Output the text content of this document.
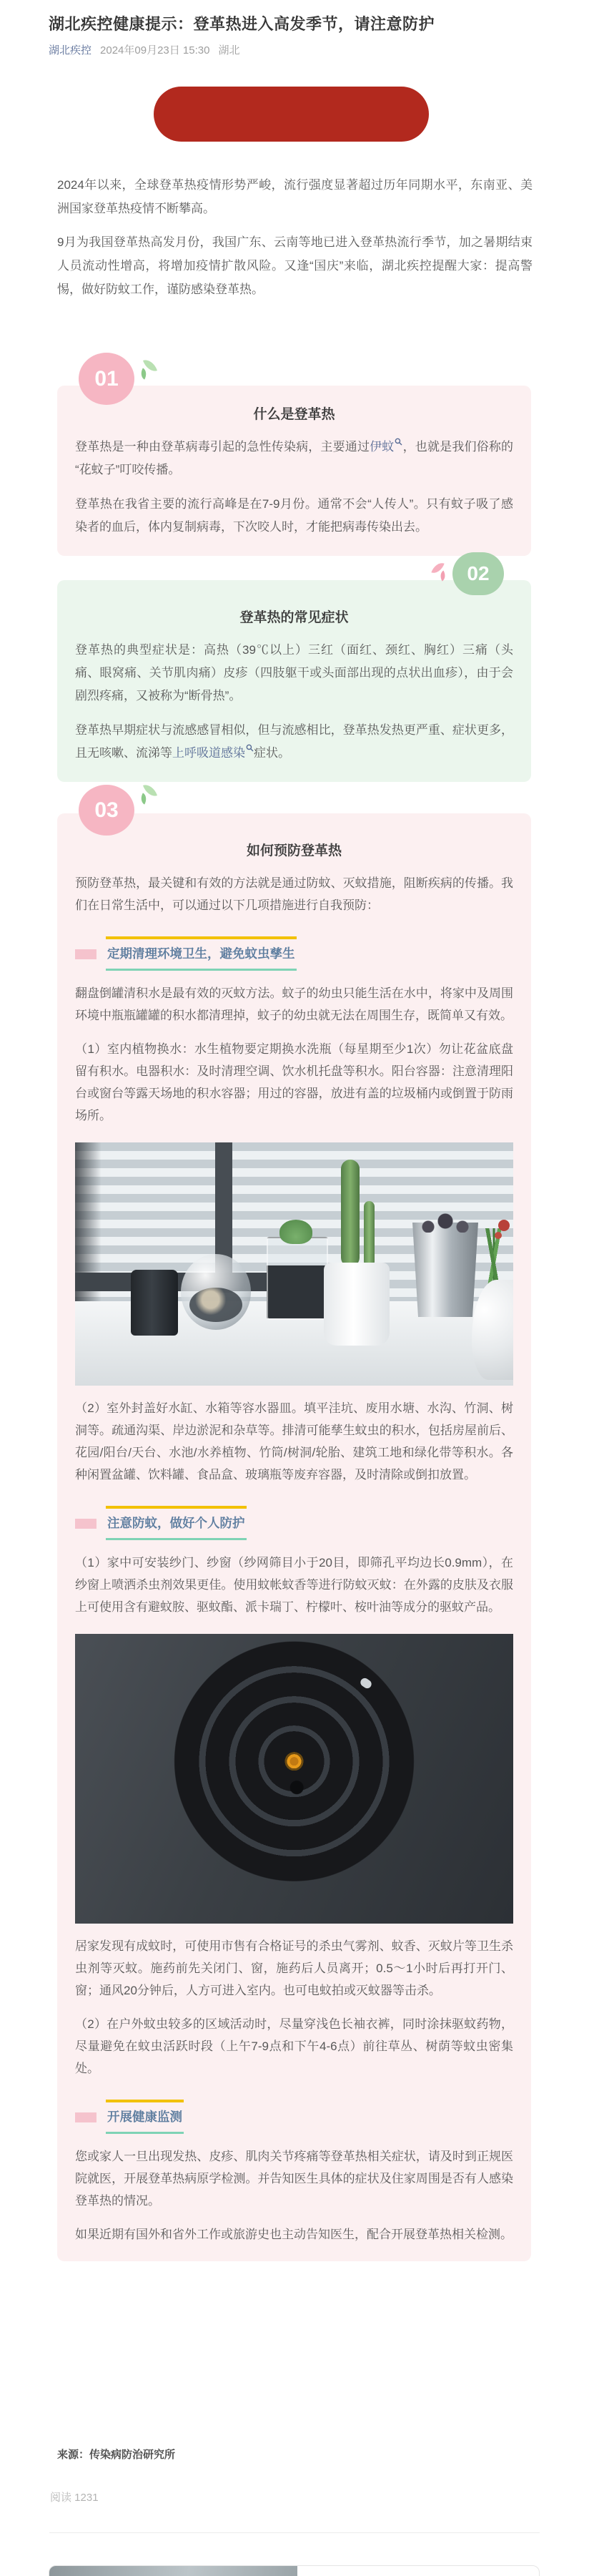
湖北疾控健康提示：登革热进入高发季节，请注意防护
湖北疾控 2024年09月23日 15:30 湖北

2024年以来，全球登革热疫情形势严峻，流行强度显著超过历年同期水平，东南亚、美洲国家登革热疫情不断攀高。

9月为我国登革热高发月份，我国广东、云南等地已进入登革热流行季节，加之暑期结束人员流动性增高，将增加疫情扩散风险。又逢“国庆”来临，湖北疾控提醒大家：提高警惕，做好防蚊工作，谨防感染登革热。

01
什么是登革热

登革热是一种由登革病毒引起的急性传染病，主要通过伊蚊 ，也就是我们俗称的“花蚊子”叮咬传播。

登革热在我省主要的流行高峰是在7-9月份。通常不会“人传人”。只有蚊子吸了感染者的血后，体内复制病毒，下次咬人时，才能把病毒传染出去。

02
登革热的常见症状

登革热的典型症状是：高热（39℃以上）三红（面红、颈红、胸红）三痛（头痛、眼窝痛、关节肌肉痛）皮疹（四肢躯干或头面部出现的点状出血疹），由于会剧烈疼痛，又被称为“断骨热”。

登革热早期症状与流感感冒相似，但与流感相比，登革热发热更严重、症状更多，且无咳嗽、流涕等上呼吸道感染 症状。

03
如何预防登革热

预防登革热，最关键和有效的方法就是通过防蚊、灭蚊措施，阻断疾病的传播。我们在日常生活中，可以通过以下几项措施进行自我预防：

定期清理环境卫生，避免蚊虫孳生

翻盘倒罐清积水是最有效的灭蚊方法。蚊子的幼虫只能生活在水中，将家中及周围环境中瓶瓶罐罐的积水都清理掉，蚊子的幼虫就无法在周围生存，既简单又有效。

（1）室内植物换水：水生植物要定期换水洗瓶（每星期至少1次）勿让花盆底盘留有积水。电器积水：及时清理空调、饮水机托盘等积水。阳台容器：注意清理阳台或窗台等露天场地的积水容器；用过的容器，放进有盖的垃圾桶内或倒置于防雨场所。

（2）室外封盖好水缸、水箱等容水器皿。填平洼坑、废用水塘、水沟、竹洞、树洞等。疏通沟渠、岸边淤泥和杂草等。排清可能孳生蚊虫的积水，包括房屋前后、花园/阳台/天台、水池/水养植物、竹筒/树洞/轮胎、建筑工地和绿化带等积水。各种闲置盆罐、饮料罐、食品盒、玻璃瓶等废弃容器，及时清除或倒扣放置。

注意防蚊，做好个人防护

（1）家中可安装纱门、纱窗（纱网筛目小于20目，即筛孔平均边长0.9mm），在纱窗上喷洒杀虫剂效果更佳。使用蚊帐蚊香等进行防蚊灭蚊：在外露的皮肤及衣服上可使用含有避蚊胺、驱蚊酯、派卡瑞丁、柠檬叶、桉叶油等成分的驱蚊产品。

居家发现有成蚊时，可使用市售有合格证号的杀虫气雾剂、蚊香、灭蚊片等卫生杀虫剂等灭蚊。施药前先关闭门、窗，施药后人员离开；0.5～1小时后再打开门、窗；通风20分钟后，人方可进入室内。也可电蚊拍或灭蚊器等击杀。

（2）在户外蚊虫较多的区域活动时，尽量穿浅色长袖衣裤，同时涂抹驱蚊药物，尽量避免在蚊虫活跃时段（上午7-9点和下午4-6点）前往草丛、树荫等蚊虫密集处。

开展健康监测

您或家人一旦出现发热、皮疹、肌肉关节疼痛等登革热相关症状，请及时到正规医院就医，开展登革热病原学检测。并告知医生具体的症状及住家周围是否有人感染登革热的情况。

如果近期有国外和省外工作或旅游史也主动告知医生，配合开展登革热相关检测。

来源：传染病防治研究所
阅读 1231
